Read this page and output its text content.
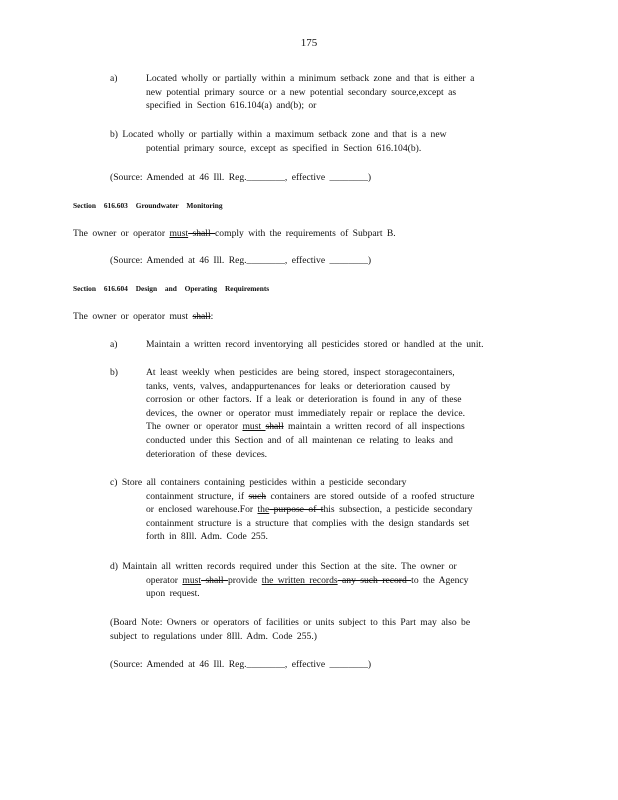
175
a)	Located wholly or partially within a minimum setback zone and that is either a
new potential primary source or a new potential secondary source,except as
specified in Section 616.104(a) and(b); or
b) Located wholly or partially within a maximum setback zone and that is a new
potential primary source, except as specified in Section 616.104(b).
(Source: Amended at 46 Ill. Reg.________, effective ________)
Section 616.603 Groundwater Monitoring
The owner or operator must shall comply with the requirements of Subpart B.
(Source: Amended at 46 Ill. Reg.________, effective ________)
Section 616.604 Design and Operating Requirements
The owner or operator must shall:
a)	Maintain a written record inventorying all pesticides stored or handled at the unit.
b)	At least weekly when pesticides are being stored, inspect storagecontainers,
tanks, vents, valves, andappurtenances for leaks or deterioration caused by
corrosion or other factors. If a leak or deterioration is found in any of these
devices, the owner or operator must immediately repair or replace the device.
The owner or operator must shall maintain a written record of all inspections
conducted under this Section and of all maintenan ce relating to leaks and
deterioration of these devices.
c) Store all containers containing pesticides within a pesticide secondary
containment structure, if such containers are stored outside of a roofed structure
or enclosed warehouse.For the purpose of this subsection, a pesticide secondary
containment structure is a structure that complies with the design standards set
forth in 8Ill. Adm. Code 255.
d) Maintain all written records required under this Section at the site. The owner or
operator must shall provide the written records any such record to the Agency
upon request.
(Board Note: Owners or operators of facilities or units subject to this Part may also be
subject to regulations under 8Ill. Adm. Code 255.)
(Source: Amended at 46 Ill. Reg.________, effective ________)
